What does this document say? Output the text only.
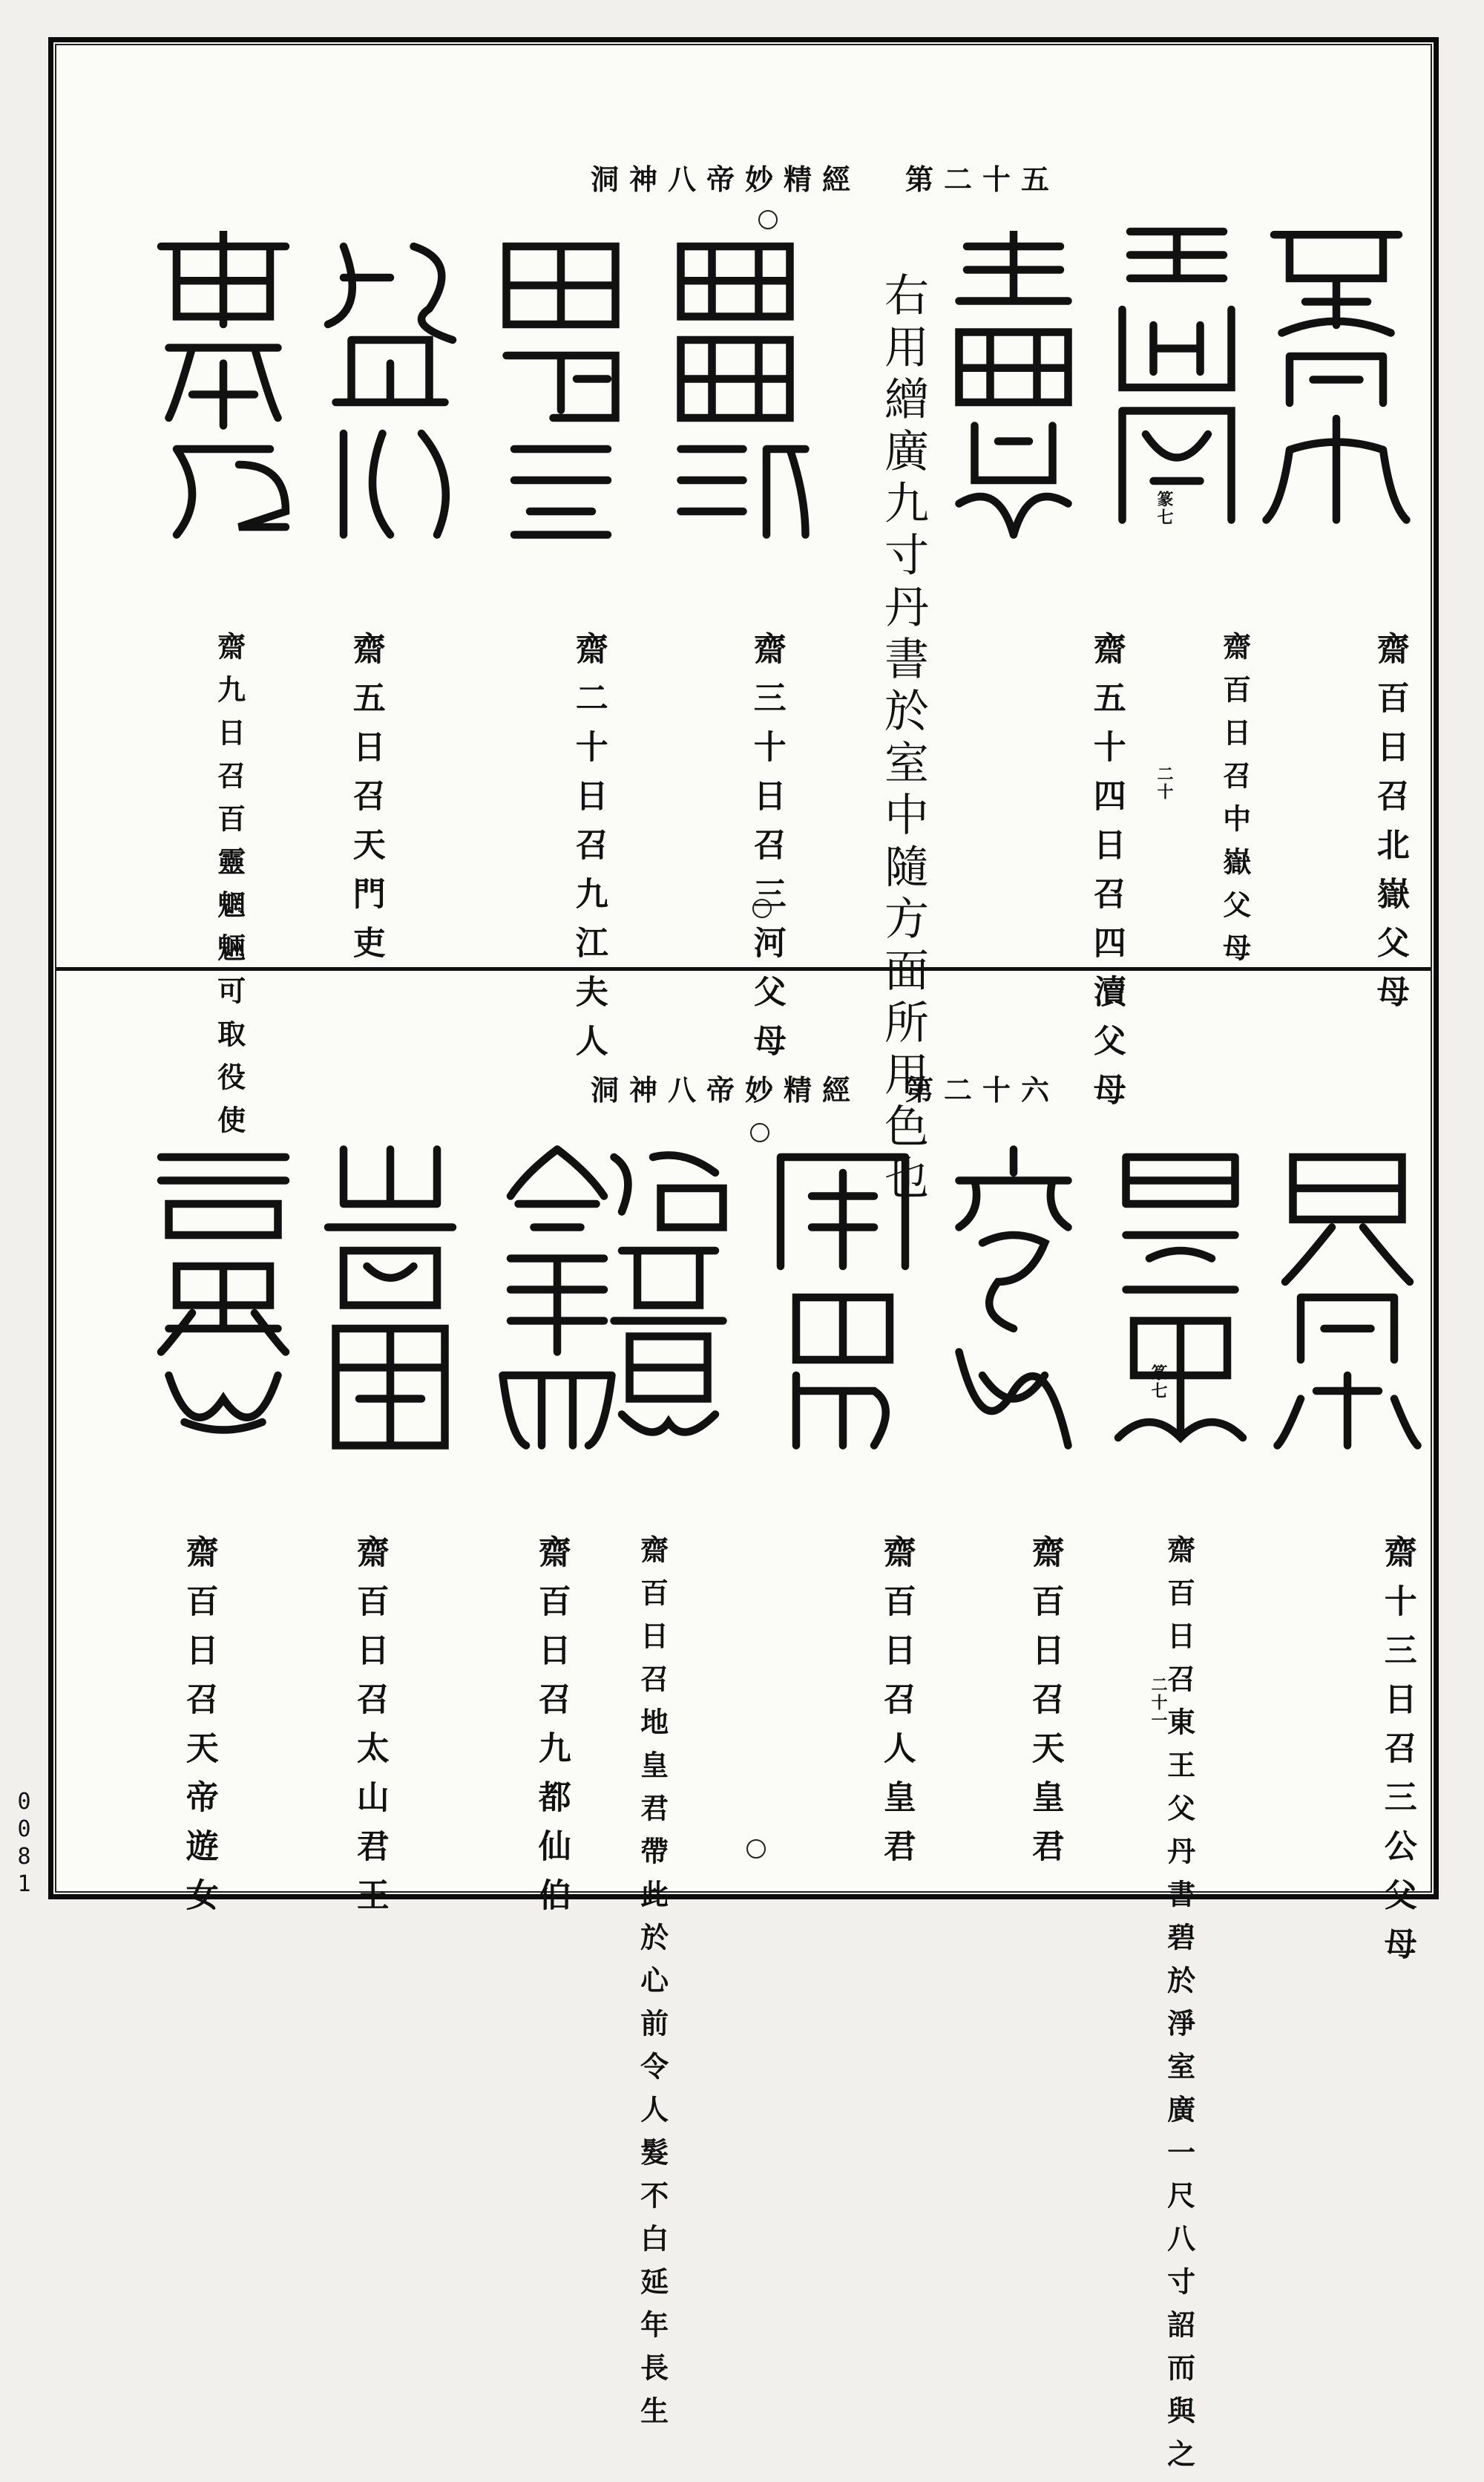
洞神八帝妙精經 第二十五
右用繒廣九寸丹書於室中隨方面所用色也	齋百日召北嶽父母
齋百日召中嶽父母
二十
篆七
齋五十四日召四瀆父母
齋三十日召三河父母
齋二十日召九江夫人
齋五日召天門吏
齋九日召百靈魍魎可取役使	洞神八帝妙精經 第二十六
齋十三日召三公父母
齋百日召東王父丹書碧於淨室廣一尺八寸詔而與之
二十一
篆七
齋百日召天皇君
齋百日召人皇君
齋百日召地皇君帶此於心前令人髮不白延年長生
齋百日召九都仙伯
齋百日召太山君王
齋百日召天帝遊女
0081
